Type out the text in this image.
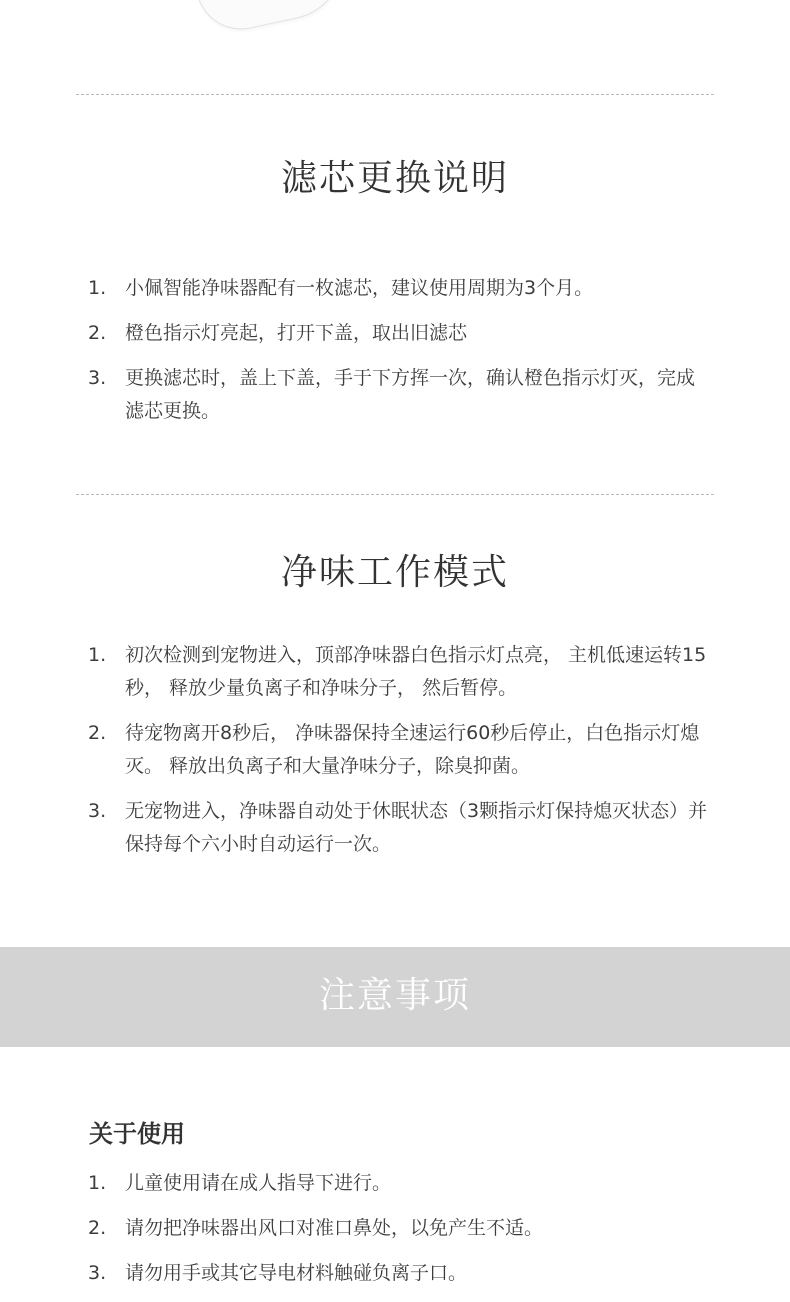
滤芯更换说明
1. 小佩智能净味器配有一枚滤芯，建议使用周期为3个月。
2. 橙色指示灯亮起，打开下盖，取出旧滤芯
3. 更换滤芯时，盖上下盖，手于下方挥一次，确认橙色指示灯灭，完成滤芯更换。
净味工作模式
1. 初次检测到宠物进入，顶部净味器白色指示灯点亮， 主机低速运转15秒， 释放少量负离子和净味分子， 然后暂停。
2. 待宠物离开8秒后， 净味器保持全速运行60秒后停止，白色指示灯熄灭。 释放出负离子和大量净味分子，除臭抑菌。
3. 无宠物进入，净味器自动处于休眠状态（3颗指示灯保持熄灭状态）并保持每个六小时自动运行一次。
注意事项
关于使用
1. 儿童使用请在成人指导下进行。
2. 请勿把净味器出风口对准口鼻处，以免产生不适。
3. 请勿用手或其它导电材料触碰负离子口。
